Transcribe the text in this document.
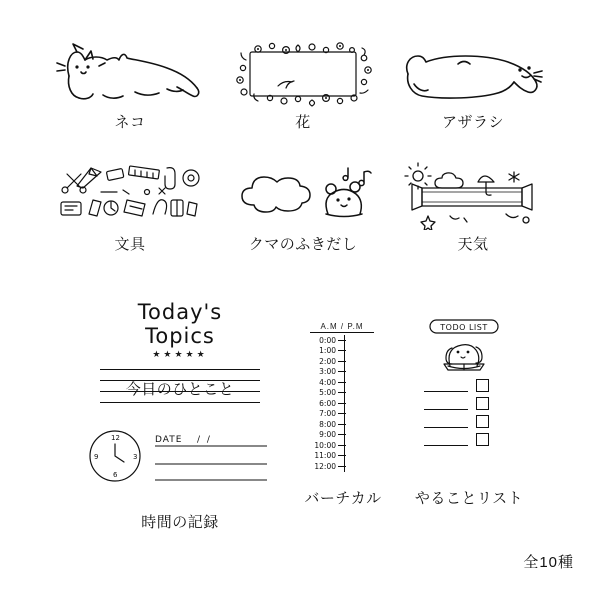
ネコ	花	アザラシ
文具	クマのふきだし	天気
Today's Topics
★★★★★
今日のひとこと
12
3
6
9
DATE / /
時間の記録
A.M / P.M
0:00
1:00
2:00
3:00
4:00
5:00
6:00
7:00
8:00
9:00
10:00
11:00
12:00
バーチカル
TODO LIST
やることリスト
全10種
